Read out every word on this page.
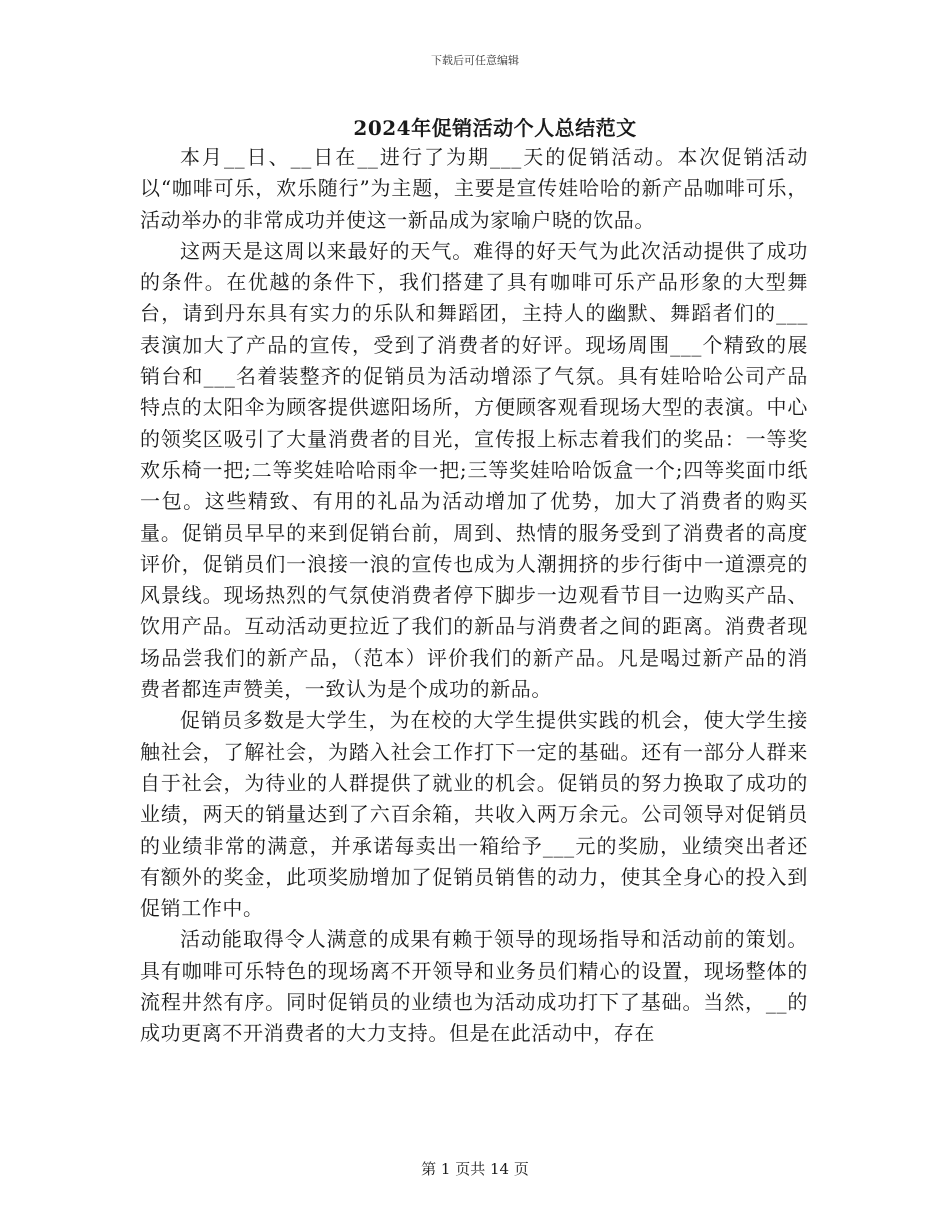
下载后可任意编辑
2024年促销活动个人总结范文

本月__日、__日在__进行了为期___天的促销活动。本次促销活动以“咖啡可乐，欢乐随行”为主题，主要是宣传娃哈哈的新产品咖啡可乐，活动举办的非常成功并使这一新品成为家喻户晓的饮品。

这两天是这周以来最好的天气。难得的好天气为此次活动提供了成功的条件。在优越的条件下，我们搭建了具有咖啡可乐产品形象的大型舞台，请到丹东具有实力的乐队和舞蹈团，主持人的幽默、舞蹈者们的___表演加大了产品的宣传，受到了消费者的好评。现场周围___个精致的展销台和___名着装整齐的促销员为活动增添了气氛。具有娃哈哈公司产品特点的太阳伞为顾客提供遮阳场所，方便顾客观看现场大型的表演。中心的领奖区吸引了大量消费者的目光，宣传报上标志着我们的奖品：一等奖欢乐椅一把;二等奖娃哈哈雨伞一把;三等奖娃哈哈饭盒一个;四等奖面巾纸一包。这些精致、有用的礼品为活动增加了优势，加大了消费者的购买量。促销员早早的来到促销台前，周到、热情的服务受到了消费者的高度评价，促销员们一浪接一浪的宣传也成为人潮拥挤的步行街中一道漂亮的风景线。现场热烈的气氛使消费者停下脚步一边观看节目一边购买产品、饮用产品。互动活动更拉近了我们的新品与消费者之间的距离。消费者现场品尝我们的新产品，（范本）评价我们的新产品。凡是喝过新产品的消费者都连声赞美，一致认为是个成功的新品。

促销员多数是大学生，为在校的大学生提供实践的机会，使大学生接触社会，了解社会，为踏入社会工作打下一定的基础。还有一部分人群来自于社会，为待业的人群提供了就业的机会。促销员的努力换取了成功的业绩，两天的销量达到了六百余箱，共收入两万余元。公司领导对促销员的业绩非常的满意，并承诺每卖出一箱给予___元的奖励，业绩突出者还有额外的奖金，此项奖励增加了促销员销售的动力，使其全身心的投入到促销工作中。

活动能取得令人满意的成果有赖于领导的现场指导和活动前的策划。具有咖啡可乐特色的现场离不开领导和业务员们精心的设置，现场整体的流程井然有序。同时促销员的业绩也为活动成功打下了基础。当然，__的成功更离不开消费者的大力支持。但是在此活动中，存在

第 1 页共 14 页
